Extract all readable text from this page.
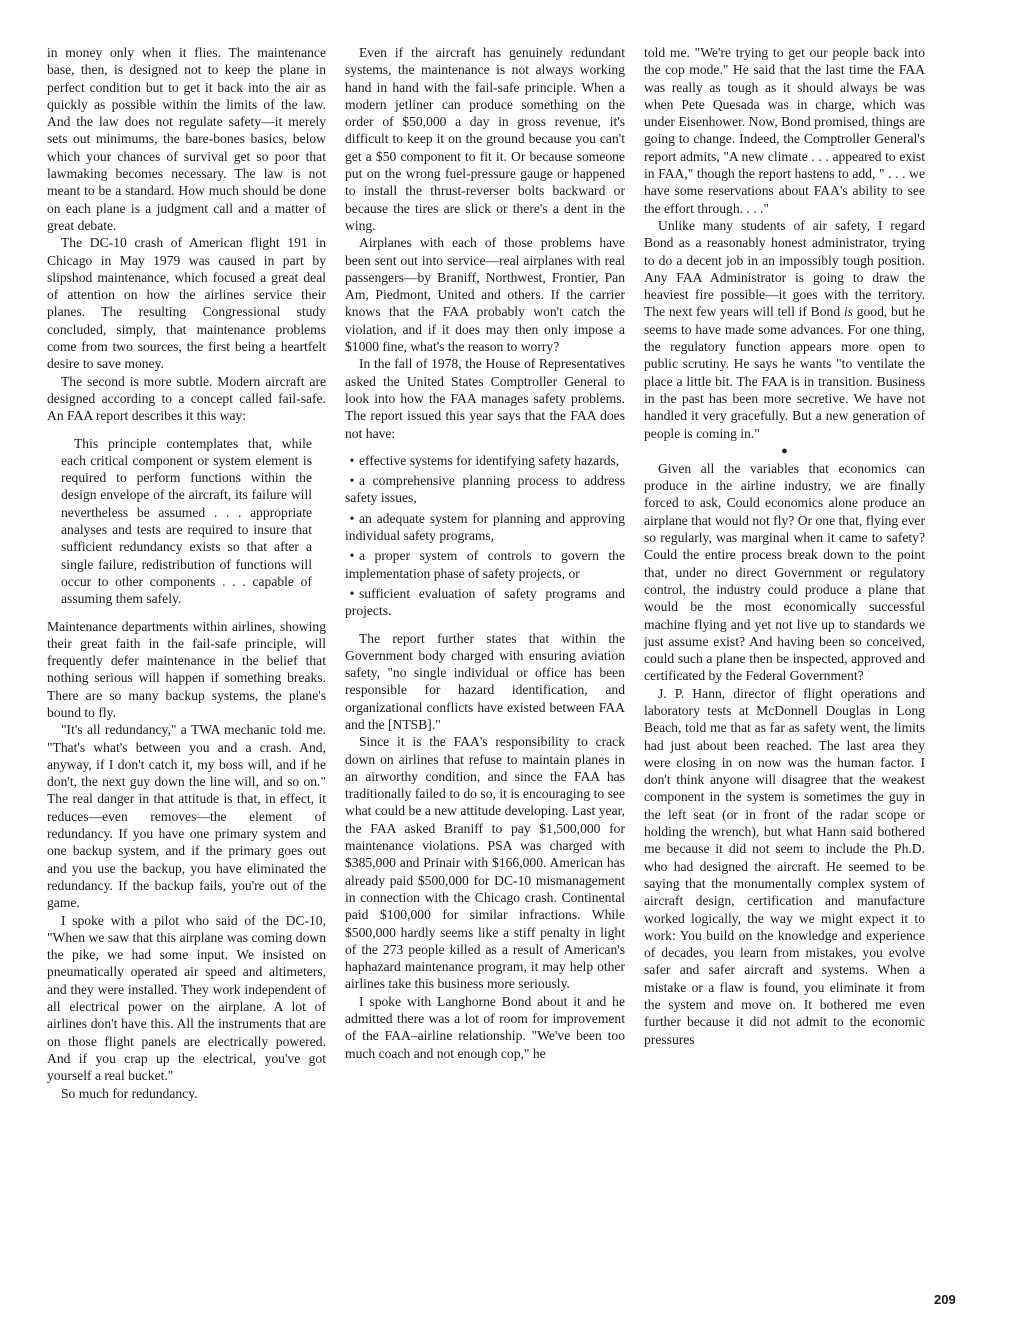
in money only when it flies. The maintenance base, then, is designed not to keep the plane in perfect condition but to get it back into the air as quickly as possible within the limits of the law. And the law does not regulate safety—it merely sets out minimums, the bare-bones basics, below which your chances of survival get so poor that lawmaking becomes necessary. The law is not meant to be a standard. How much should be done on each plane is a judgment call and a matter of great debate.

The DC-10 crash of American flight 191 in Chicago in May 1979 was caused in part by slipshod maintenance, which focused a great deal of attention on how the airlines service their planes. The resulting Congressional study concluded, simply, that maintenance problems come from two sources, the first being a heartfelt desire to save money.

The second is more subtle. Modern aircraft are designed according to a concept called fail-safe. An FAA report describes it this way:

This principle contemplates that, while each critical component or system element is required to perform functions within the design envelope of the aircraft, its failure will nevertheless be assumed . . . appropriate analyses and tests are required to insure that sufficient redundancy exists so that after a single failure, redistribution of functions will occur to other components . . . capable of assuming them safely.

Maintenance departments within airlines, showing their great faith in the fail-safe principle, will frequently defer maintenance in the belief that nothing serious will happen if something breaks. There are so many backup systems, the plane's bound to fly.

"It's all redundancy," a TWA mechanic told me. "That's what's between you and a crash. And, anyway, if I don't catch it, my boss will, and if he don't, the next guy down the line will, and so on." The real danger in that attitude is that, in effect, it reduces—even removes—the element of redundancy. If you have one primary system and one backup system, and if the primary goes out and you use the backup, you have eliminated the redundancy. If the backup fails, you're out of the game.

I spoke with a pilot who said of the DC-10, "When we saw that this airplane was coming down the pike, we had some input. We insisted on pneumatically operated air speed and altimeters, and they were installed. They work independent of all electrical power on the airplane. A lot of airlines don't have this. All the instruments that are on those flight panels are electrically powered. And if you crap up the electrical, you've got yourself a real bucket."

So much for redundancy.

Even if the aircraft has genuinely redundant systems, the maintenance is not always working hand in hand with the fail-safe principle. When a modern jetliner can produce something on the order of $50,000 a day in gross revenue, it's difficult to keep it on the ground because you can't get a $50 component to fit it. Or because someone put on the wrong fuel-pressure gauge or happened to install the thrust-reverser bolts backward or because the tires are slick or there's a dent in the wing.

Airplanes with each of those problems have been sent out into service—real airplanes with real passengers—by Braniff, Northwest, Frontier, Pan Am, Piedmont, United and others. If the carrier knows that the FAA probably won't catch the violation, and if it does may then only impose a $1000 fine, what's the reason to worry?

In the fall of 1978, the House of Representatives asked the United States Comptroller General to look into how the FAA manages safety problems. The report issued this year says that the FAA does not have:

• effective systems for identifying safety hazards,
• a comprehensive planning process to address safety issues,
• an adequate system for planning and approving individual safety programs,
• a proper system of controls to govern the implementation phase of safety projects, or
• sufficient evaluation of safety programs and projects.

The report further states that within the Government body charged with ensuring aviation safety, "no single individual or office has been responsible for hazard identification, and organizational conflicts have existed between FAA and the [NTSB]."

Since it is the FAA's responsibility to crack down on airlines that refuse to maintain planes in an airworthy condition, and since the FAA has traditionally failed to do so, it is encouraging to see what could be a new attitude developing. Last year, the FAA asked Braniff to pay $1,500,000 for maintenance violations. PSA was charged with $385,000 and Prinair with $166,000. American has already paid $500,000 for DC-10 mismanagement in connection with the Chicago crash. Continental paid $100,000 for similar infractions. While $500,000 hardly seems like a stiff penalty in light of the 273 people killed as a result of American's haphazard maintenance program, it may help other airlines take this business more seriously.

I spoke with Langhorne Bond about it and he admitted there was a lot of room for improvement of the FAA–airline relationship. "We've been too much coach and not enough cop," he

told me. "We're trying to get our people back into the cop mode." He said that the last time the FAA was really as tough as it should always be was when Pete Quesada was in charge, which was under Eisenhower. Now, Bond promised, things are going to change. Indeed, the Comptroller General's report admits, "A new climate . . . appeared to exist in FAA," though the report hastens to add, " . . . we have some reservations about FAA's ability to see the effort through. . . ."

Unlike many students of air safety, I regard Bond as a reasonably honest administrator, trying to do a decent job in an impossibly tough position. Any FAA Administrator is going to draw the heaviest fire possible—it goes with the territory. The next few years will tell if Bond is good, but he seems to have made some advances. For one thing, the regulatory function appears more open to public scrutiny. He says he wants "to ventilate the place a little bit. The FAA is in transition. Business in the past has been more secretive. We have not handled it very gracefully. But a new generation of people is coming in."

●

Given all the variables that economics can produce in the airline industry, we are finally forced to ask, Could economics alone produce an airplane that would not fly? Or one that, flying ever so regularly, was marginal when it came to safety? Could the entire process break down to the point that, under no direct Government or regulatory control, the industry could produce a plane that would be the most economically successful machine flying and yet not live up to standards we just assume exist? And having been so conceived, could such a plane then be inspected, approved and certificated by the Federal Government?

J. P. Hann, director of flight operations and laboratory tests at McDonnell Douglas in Long Beach, told me that as far as safety went, the limits had just about been reached. The last area they were closing in on now was the human factor. I don't think anyone will disagree that the weakest component in the system is sometimes the guy in the left seat (or in front of the radar scope or holding the wrench), but what Hann said bothered me because it did not seem to include the Ph.D. who had designed the aircraft. He seemed to be saying that the monumentally complex system of aircraft design, certification and manufacture worked logically, the way we might expect it to work: You build on the knowledge and experience of decades, you learn from mistakes, you evolve safer and safer aircraft and systems. When a mistake or a flaw is found, you eliminate it from the system and move on. It bothered me even further because it did not admit to the economic pressures

209
